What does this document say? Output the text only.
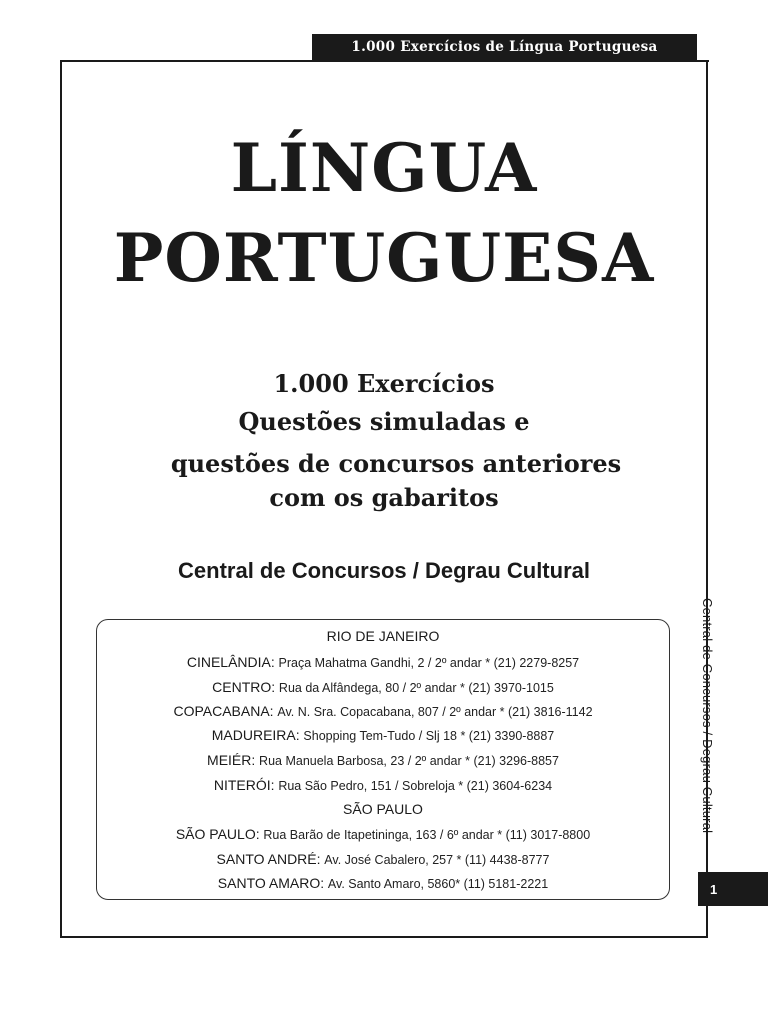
1.000 Exercícios de Língua Portuguesa
LÍNGUA
PORTUGUESA
1.000 Exercícios
Questões simuladas e
questões de concursos anteriores
com os gabaritos
Central de Concursos / Degrau Cultural
RIO DE JANEIRO
CINELÂNDIA: Praça Mahatma Gandhi, 2 / 2º andar * (21) 2279-8257
CENTRO: Rua da Alfândega, 80 / 2º andar * (21) 3970-1015
COPACABANA: Av. N. Sra. Copacabana, 807 / 2º andar * (21) 3816-1142
MADUREIRA: Shopping Tem-Tudo / Slj 18 * (21) 3390-8887
MEIÉR: Rua Manuela Barbosa, 23 / 2º andar * (21) 3296-8857
NITERÓI: Rua São Pedro, 151 / Sobreloja * (21) 3604-6234
SÃO PAULO
SÃO PAULO: Rua Barão de Itapetininga, 163 / 6º andar * (11) 3017-8800
SANTO ANDRÉ: Av. José Cabalero, 257 * (11) 4438-8777
SANTO AMARO: Av. Santo Amaro, 5860* (11) 5181-2221
Central de Concursos / Degrau Cultural
1
